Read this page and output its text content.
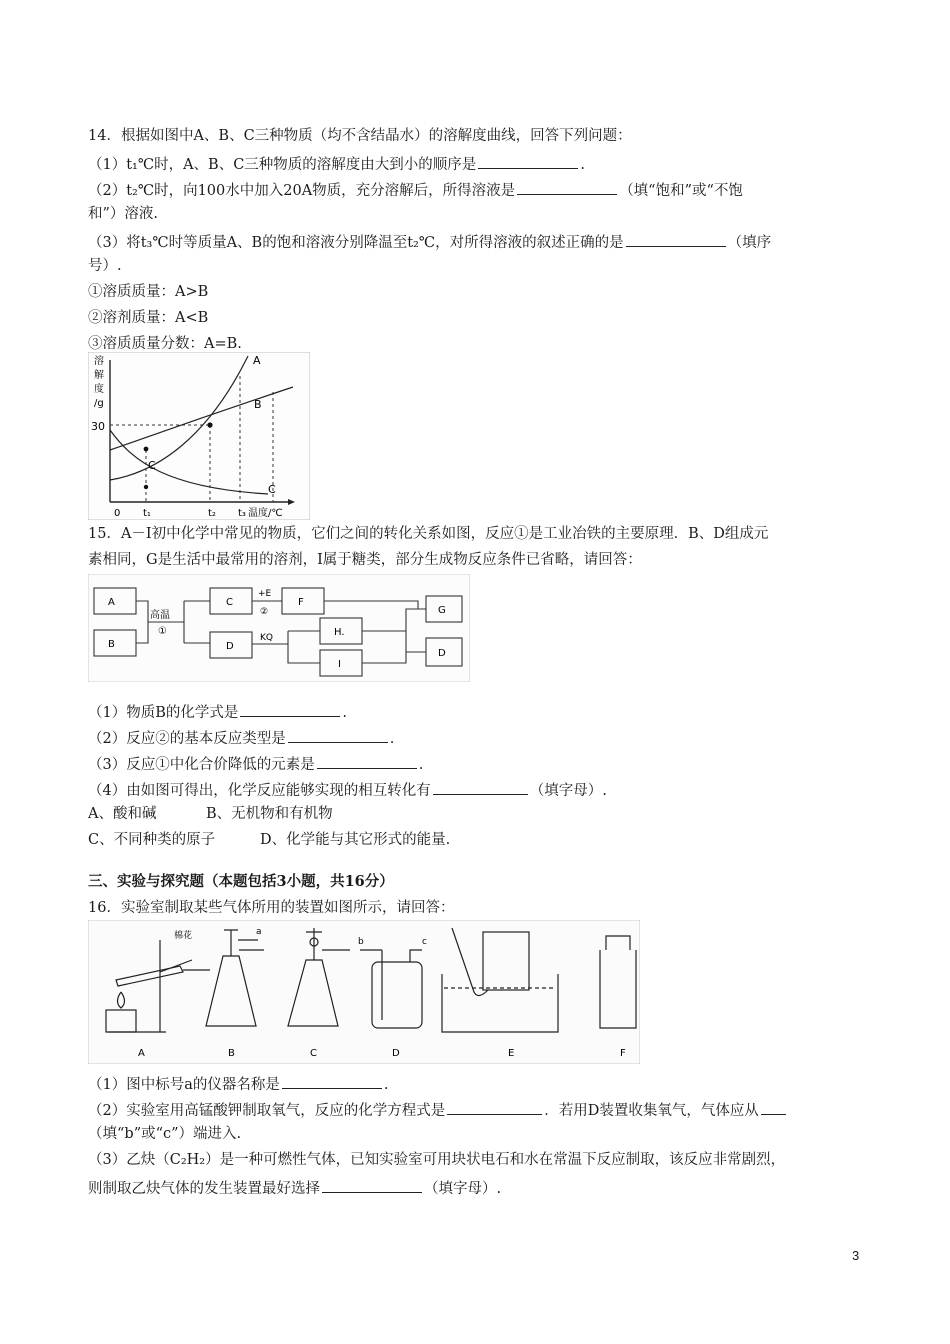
14．根据如图中A、B、C三种物质（均不含结晶水）的溶解度曲线，回答下列问题：
（1）t₁℃时，A、B、C三种物质的溶解度由大到小的顺序是	.
（2）t₂℃时，向100水中加入20A物质，充分溶解后，所得溶液是	（填“饱和”或“不饱
和”）溶液.
（3）将t₃℃时等质量A、B的饱和溶液分别降温至t₂℃，对所得溶液的叙述正确的是	（填序
号）.
①溶质质量：A>B
②溶剂质量：A<B
③溶质质量分数：A=B.
溶
解
度
/g
30
A
B
C
C
0 t₁	t₂ t₃ 温度/℃
15．A－I初中化学中常见的物质，它们之间的转化关系如图，反应①是工业冶铁的主要原理．B、D组成元
素相同，G是生活中最常用的溶剂，I属于糖类，部分生成物反应条件已省略，请回答：
A
B
C
D
F
H.
I
G
D
高温
①
+E
②
KQ
（1）物质B的化学式是	.
（2）反应②的基本反应类型是	.
（3）反应①中化合价降低的元素是	.
（4）由如图可得出，化学反应能够实现的相互转化有	（填字母）.
A、酸和碱	B、无机物和有机物
C、不同种类的原子	D、化学能与其它形式的能量.
三、实验与探究题（本题包括3小题，共16分）
16．实验室制取某些气体所用的装置如图所示，请回答：
棉花	a
b	c
A	B	C	D	E	F
（1）图中标号a的仪器名称是	.
（2）实验室用高锰酸钾制取氧气，反应的化学方程式是	．若用D装置收集氧气，气体应从
（填“b”或“c”）端进入.
（3）乙炔（C₂H₂）是一种可燃性气体，已知实验室可用块状电石和水在常温下反应制取，该反应非常剧烈，
则制取乙炔气体的发生装置最好选择	（填字母）.
3
